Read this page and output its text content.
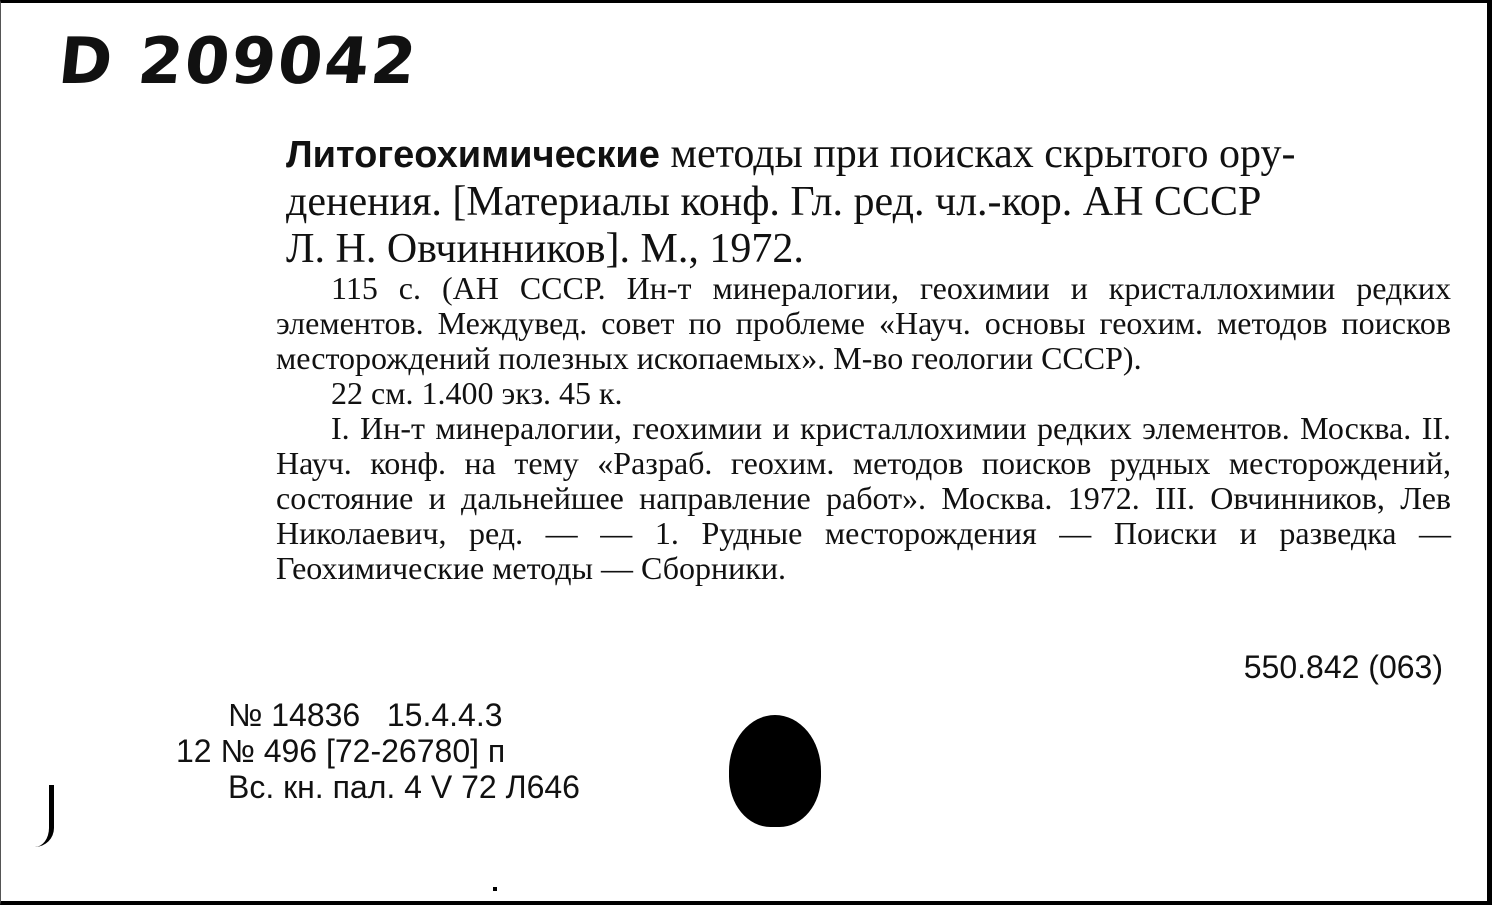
D 209042
Литогеохимические методы при поисках скрытого ору-
денения. [Материалы конф. Гл. ред. чл.-кор. АН СССР
Л. Н. Овчинников]. М., 1972.

115 с. (АН СССР. Ин-т минералогии, геохимии и кристаллохимии редких элементов. Междувед. совет по проблеме «Науч. основы геохим. методов поисков месторождений полезных ископаемых». М-во геологии СССР).

22 см. 1.400 экз. 45 к.

I. Ин-т минералогии, геохимии и кристаллохимии редких элементов. Москва. II. Науч. конф. на тему «Разраб. геохим. методов поисков рудных месторождений, состояние и дальнейшее направление работ». Москва. 1972. III. Овчинников, Лев Николаевич, ред. — — 1. Рудные месторождения — Поиски и разведка — Геохимические методы — Сборники.

550.842 (063)
№ 14836   15.4.4.3
12 № 496 [72-26780] п
Вс. кн. пал. 4 V 72 Л646
